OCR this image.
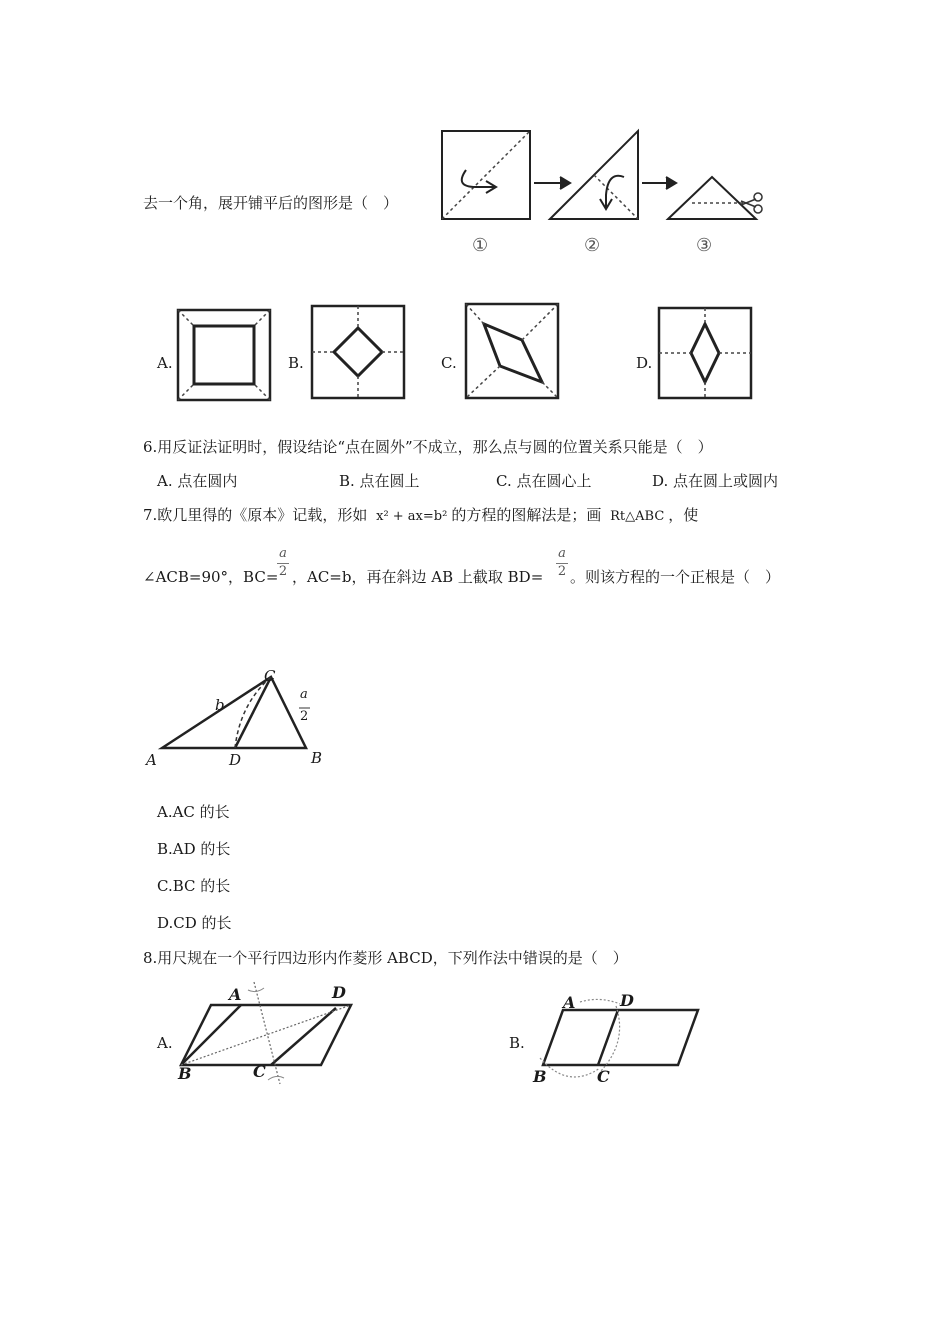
去一个角，展开铺平后的图形是（　）
①	②	③
A.	B.	C.	D.
6.用反证法证明时，假设结论“点在圆外”不成立，那么点与圆的位置关系只能是（　）
A. 点在圆内	B. 点在圆上	C. 点在圆心上	D. 点在圆上或圆内
7.欧几里得的《原本》记载，形如 x² + ax=b² 的方程的图解法是；画 Rt△ABC ，使
∠ACB=90°，BC=
a
2 ，AC=b，再在斜边 AB 上截取 BD=
a
2 。则该方程的一个正根是（　）
C
b
a
2
A	D	B
A.AC 的长
B.AD 的长
C.BC 的长
D.CD 的长
8.用尺规在一个平行四边形内作菱形 ABCD，下列作法中错误的是（　）
A.
A	D
B	C
B.
A	D
B	C
